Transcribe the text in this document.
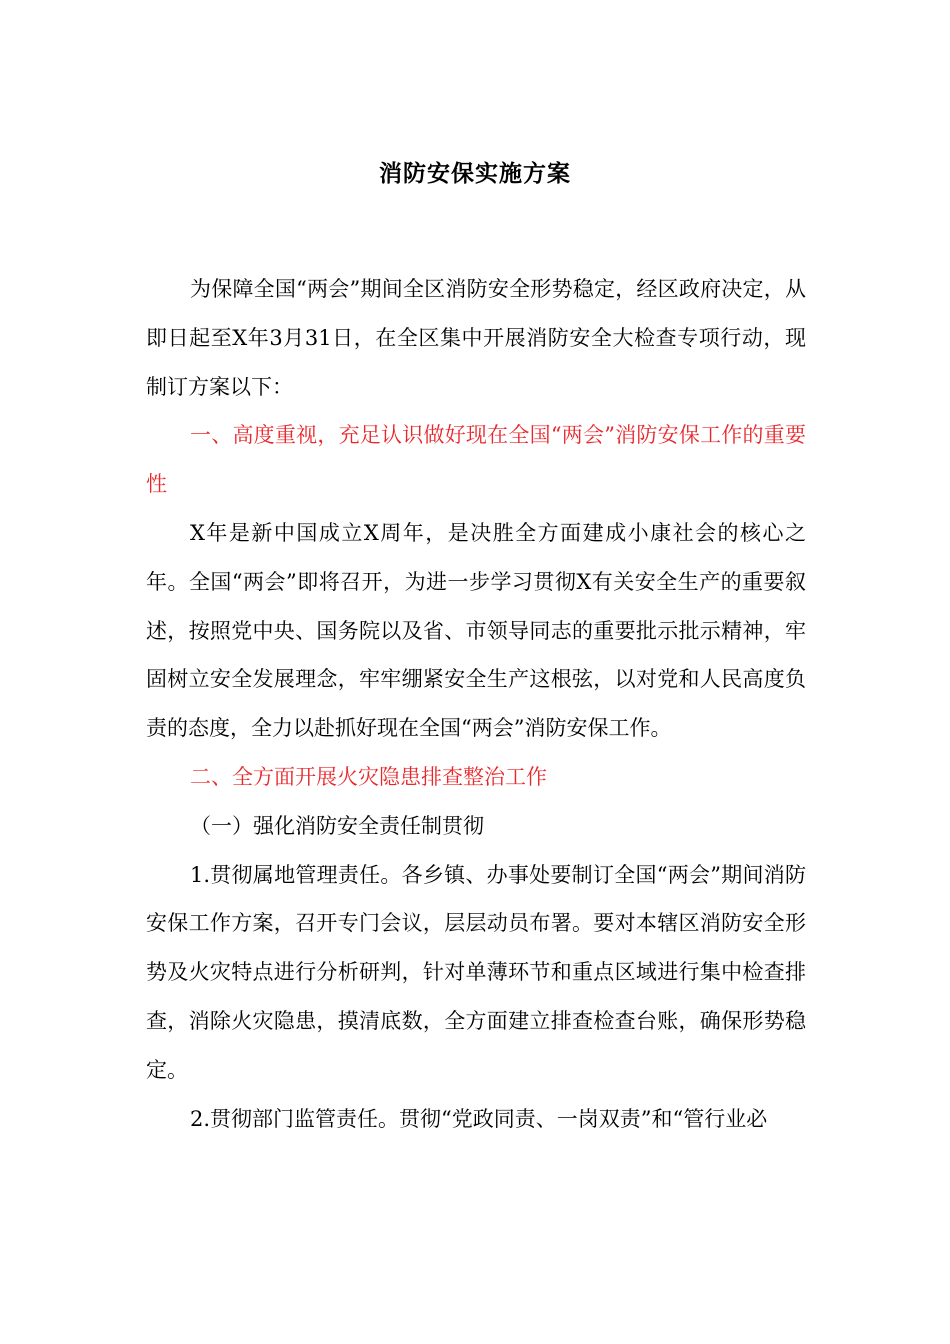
消防安保实施方案

为保障全国“两会”期间全区消防安全形势稳定，经区政府决定，从即日起至X年3月31日，在全区集中开展消防安全大检查专项行动，现制订方案以下：

一、高度重视，充足认识做好现在全国“两会”消防安保工作的重要性

X年是新中国成立X周年，是决胜全方面建成小康社会的核心之年。全国“两会”即将召开，为进一步学习贯彻X有关安全生产的重要叙述，按照党中央、国务院以及省、市领导同志的重要批示批示精神，牢固树立安全发展理念，牢牢绷紧安全生产这根弦，以对党和人民高度负责的态度，全力以赴抓好现在全国“两会”消防安保工作。

二、全方面开展火灾隐患排查整治工作

（一）强化消防安全责任制贯彻

1.贯彻属地管理责任。各乡镇、办事处要制订全国“两会”期间消防安保工作方案，召开专门会议，层层动员布署。要对本辖区消防安全形势及火灾特点进行分析研判，针对单薄环节和重点区域进行集中检查排查，消除火灾隐患，摸清底数，全方面建立排查检查台账，确保形势稳定。

2.贯彻部门监管责任。贯彻“党政同责、一岗双责”和“管行业必
